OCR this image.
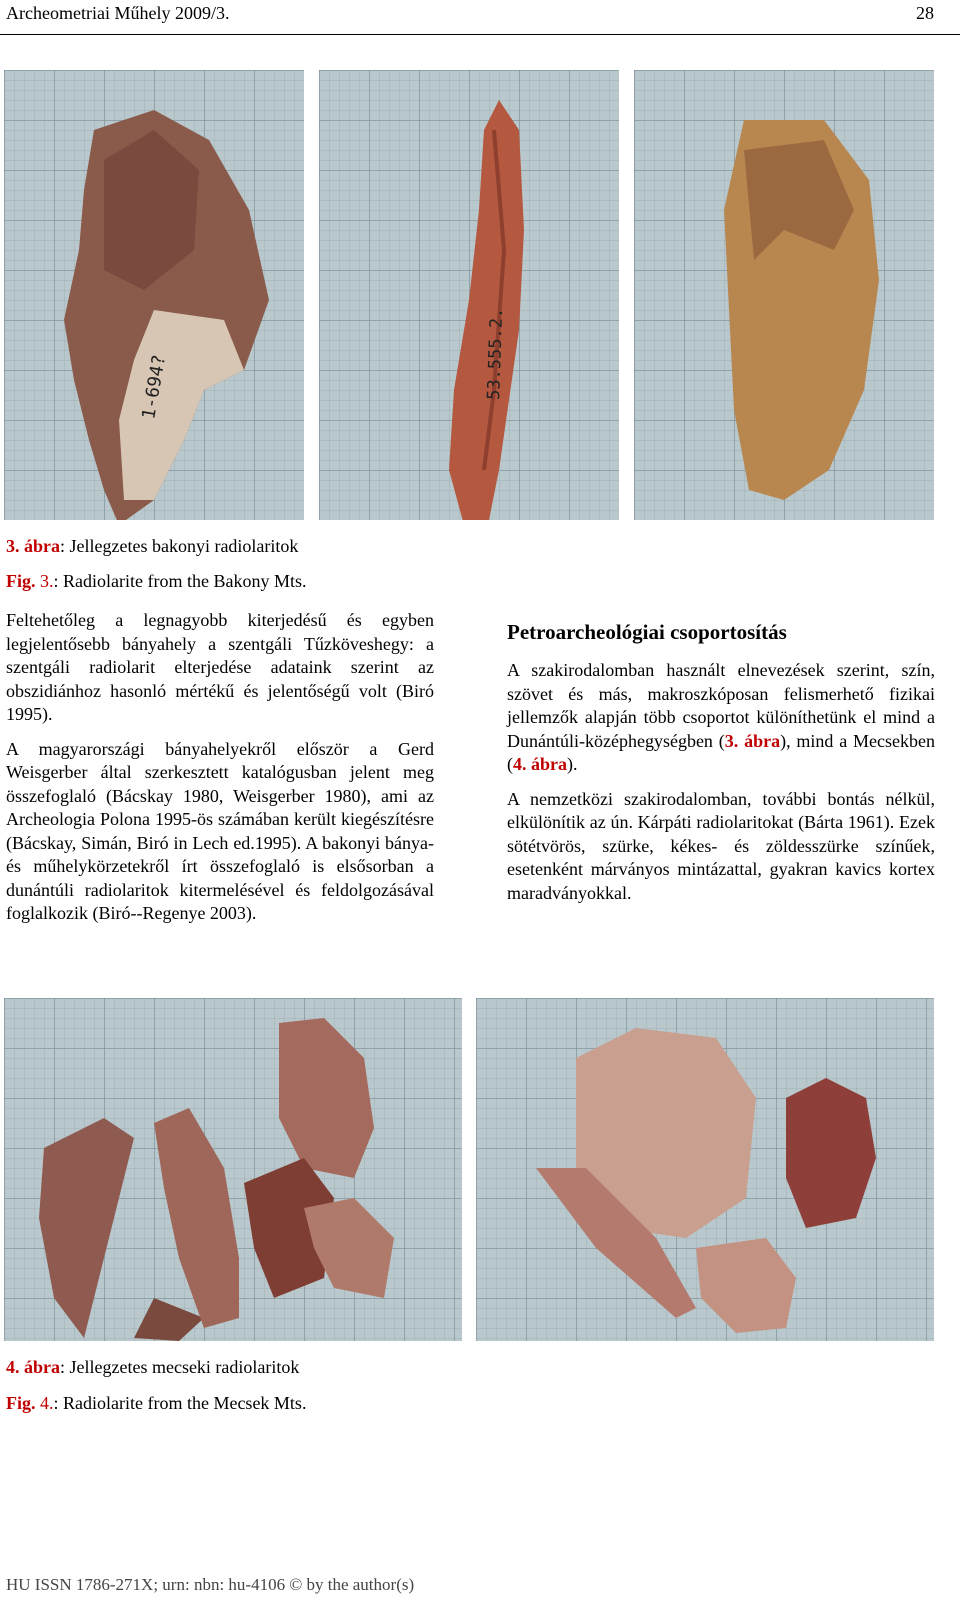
Archeometriai Műhely 2009/3.	28
1-694?	53.555.2.
3. ábra: Jellegzetes bakonyi radiolaritok
Fig. 3.: Radiolarite from the Bakony Mts.

Feltehetőleg a legnagyobb kiterjedésű és egyben legjelentősebb bányahely a szentgáli Tűzköveshegy: a szentgáli radiolarit elterjedése adataink szerint az obszidiánhoz hasonló mértékű és jelentőségű volt (Biró 1995).

A magyarországi bányahelyekről először a Gerd Weisgerber által szerkesztett katalógusban jelent meg összefoglaló (Bácskay 1980, Weisgerber 1980), ami az Archeologia Polona 1995-ös számában került kiegészítésre (Bácskay, Simán, Biró in Lech ed.1995). A bakonyi bánya- és műhelykörzetekről írt összefoglaló is elsősorban a dunántúli radiolaritok kitermelésével és feldolgozásával foglalkozik (Biró--Regenye 2003).

Petroarcheológiai csoportosítás

A szakirodalomban használt elnevezések szerint, szín, szövet és más, makroszkóposan felismerhető fizikai jellemzők alapján több csoportot különíthetünk el mind a Dunántúli-középhegységben (3. ábra), mind a Mecsekben (4. ábra).

A nemzetközi szakirodalomban, további bontás nélkül, elkülönítik az ún. Kárpáti radiolaritokat (Bárta 1961). Ezek sötétvörös, szürke, kékes- és zöldesszürke színűek, esetenként márványos mintázattal, gyakran kavics kortex maradványokkal.

4. ábra: Jellegzetes mecseki radiolaritok
Fig. 4.: Radiolarite from the Mecsek Mts.
HU ISSN 1786-271X; urn: nbn: hu-4106 © by the author(s)
